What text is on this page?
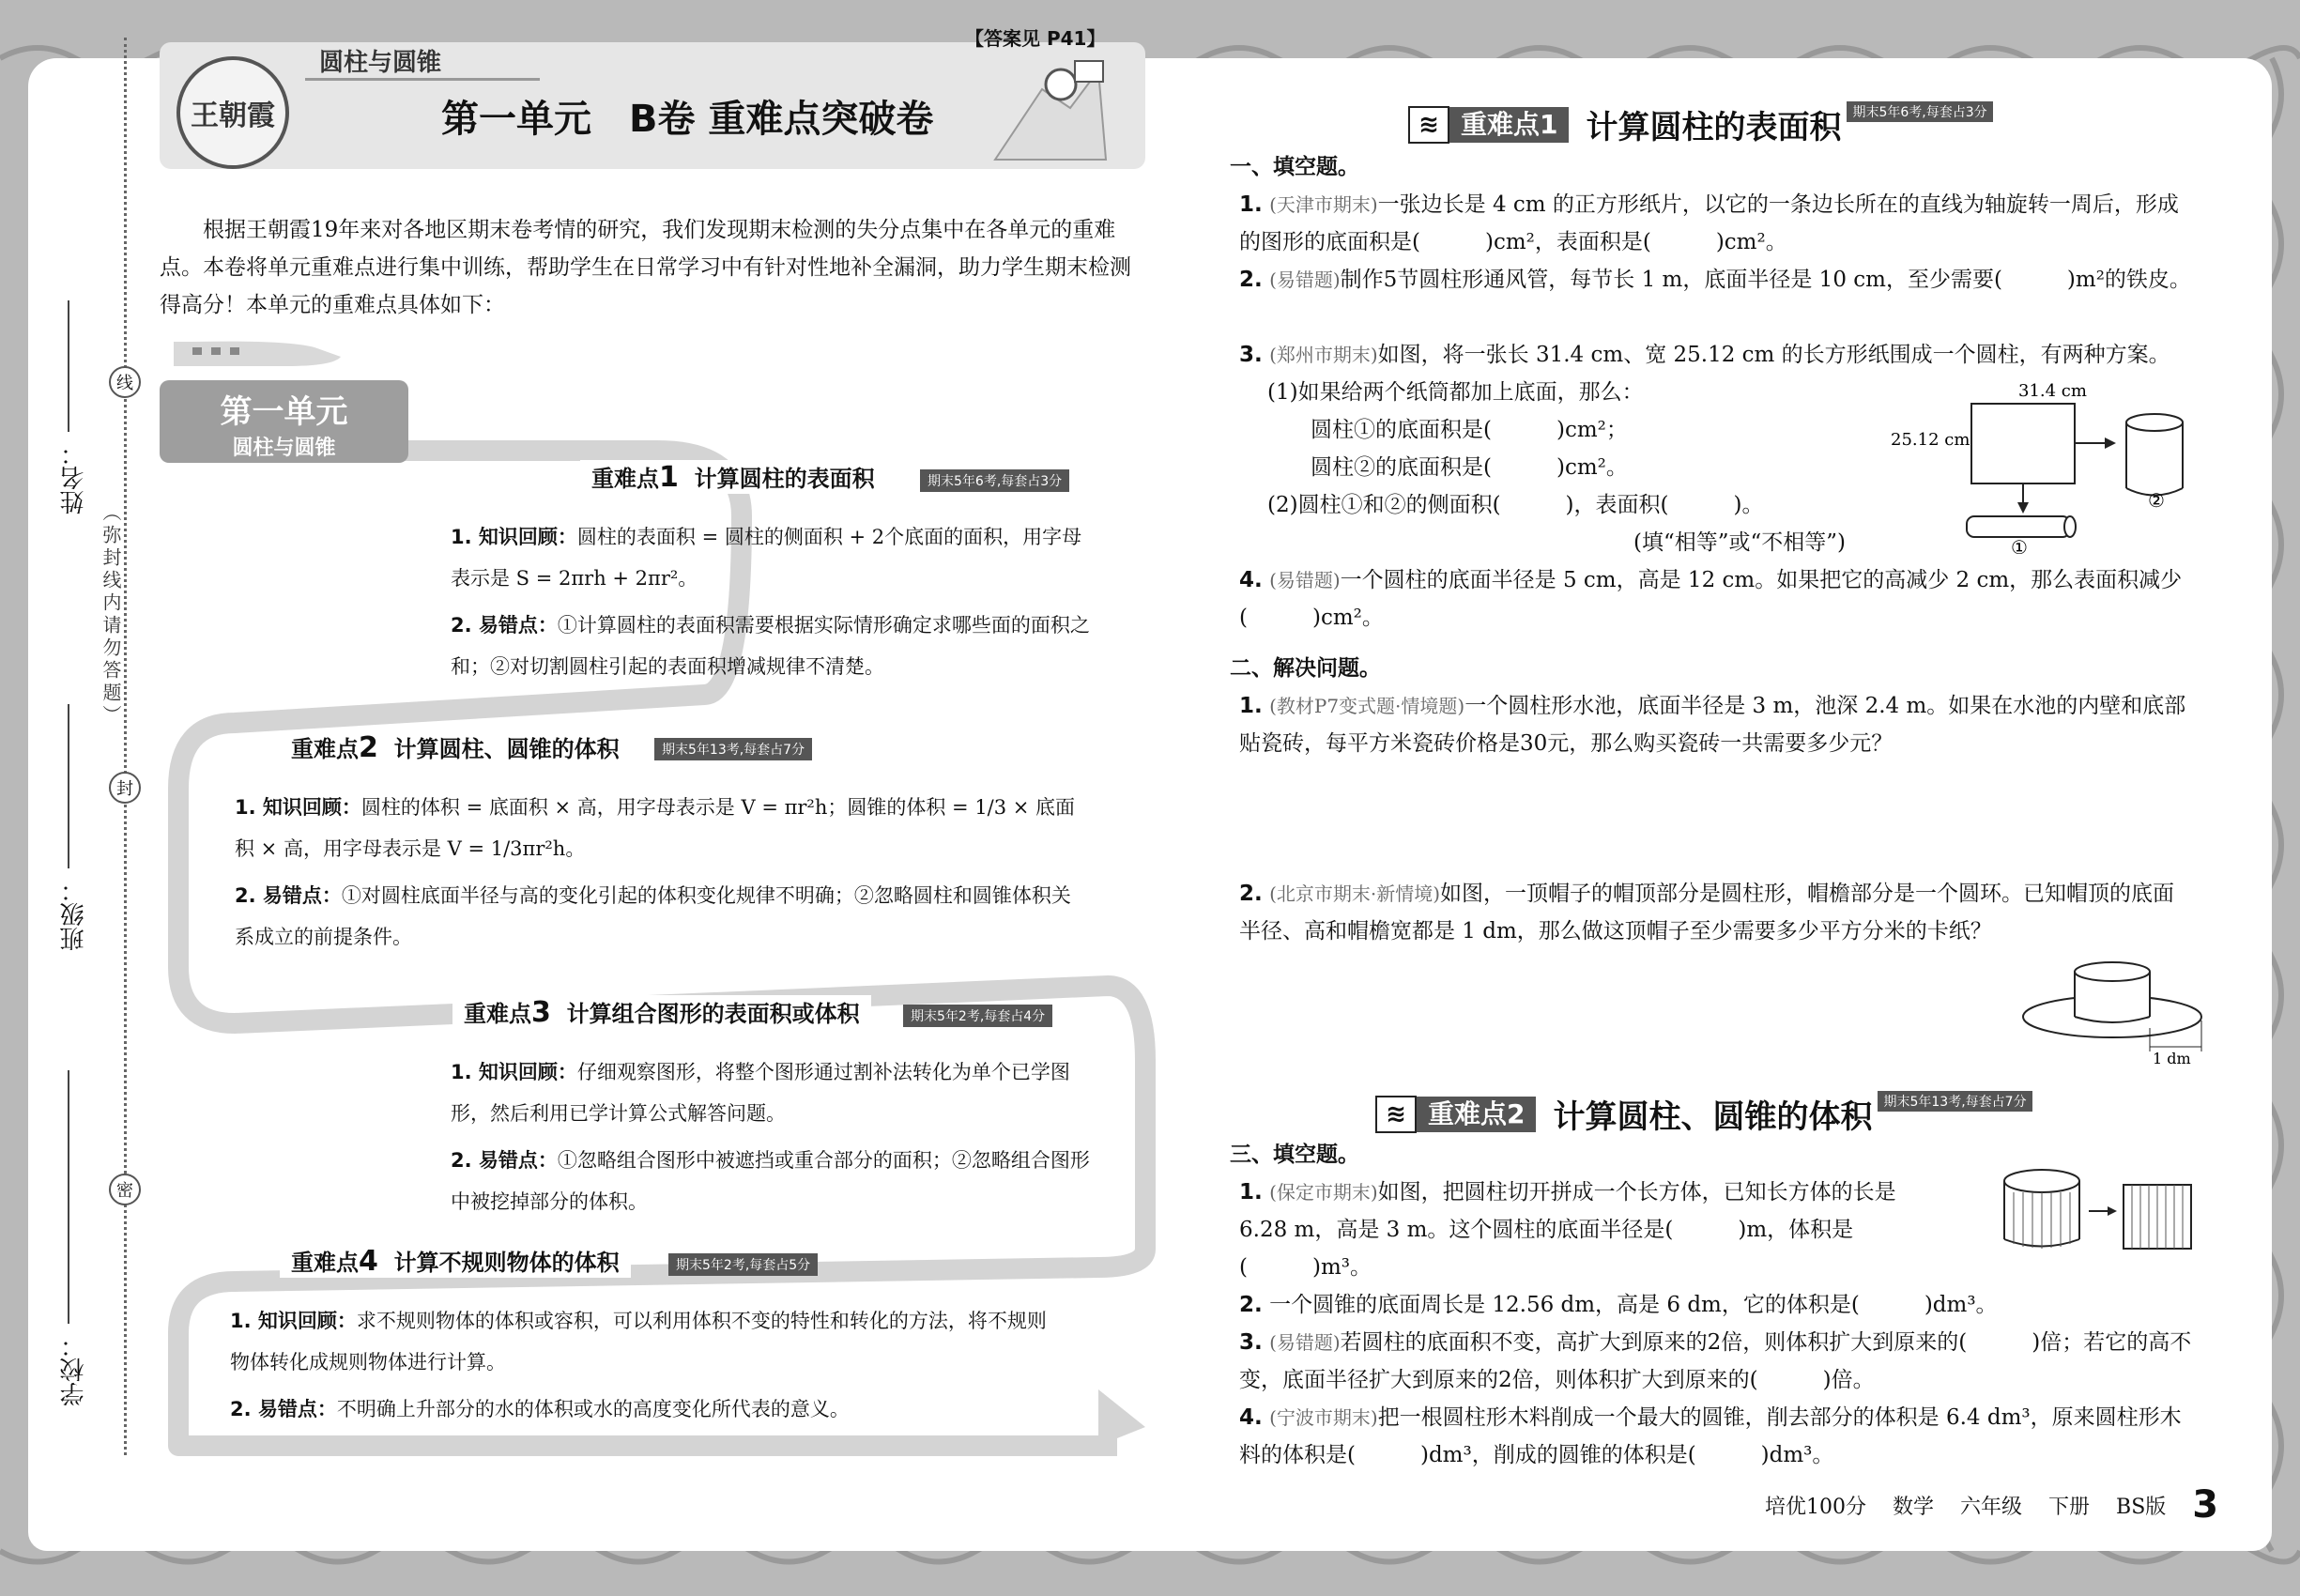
线
封
密
姓名：
（弥封线内请勿答题）
班级：
学校：
王朝霞
圆柱与圆锥
【答案见 P41】
第一单元　B卷 重难点突破卷
根据王朝霞19年来对各地区期末卷考情的研究，我们发现期末检测的失分点集中在各单元的重难点。本卷将单元重难点进行集中训练，帮助学生在日常学习中有针对性地补全漏洞，助力学生期末检测得高分！本单元的重难点具体如下：
第一单元
圆柱与圆锥
重难点1 计算圆柱的表面积	期末5年6考,每套占3分
1. 知识回顾：圆柱的表面积 = 圆柱的侧面积 + 2个底面的面积，用字母表示是 S = 2πrh + 2πr²。
2. 易错点：①计算圆柱的表面积需要根据实际情形确定求哪些面的面积之和；②对切割圆柱引起的表面积增减规律不清楚。
重难点2 计算圆柱、圆锥的体积	期末5年13考,每套占7分
1. 知识回顾：圆柱的体积 = 底面积 × 高，用字母表示是 V = πr²h；圆锥的体积 = 1/3 × 底面积 × 高，用字母表示是 V = 1/3πr²h。
2. 易错点：①对圆柱底面半径与高的变化引起的体积变化规律不明确；②忽略圆柱和圆锥体积关系成立的前提条件。
重难点3 计算组合图形的表面积或体积	期末5年2考,每套占4分
1. 知识回顾：仔细观察图形，将整个图形通过割补法转化为单个已学图形，然后利用已学计算公式解答问题。
2. 易错点：①忽略组合图形中被遮挡或重合部分的面积；②忽略组合图形中被挖掉部分的体积。
重难点4 计算不规则物体的体积	期末5年2考,每套占5分
1. 知识回顾：求不规则物体的体积或容积，可以利用体积不变的特性和转化的方法，将不规则物体转化成规则物体进行计算。
2. 易错点：不明确上升部分的水的体积或水的高度变化所代表的意义。
≋ 重难点1 计算圆柱的表面积 期末5年6考,每套占3分
一、填空题。
1. (天津市期末)一张边长是 4 cm 的正方形纸片，以它的一条边长所在的直线为轴旋转一周后，形成的图形的底面积是(　　　)cm²，表面积是(　　　)cm²。
2. (易错题)制作5节圆柱形通风管，每节长 1 m，底面半径是 10 cm，至少需要(　　　)m²的铁皮。
3. (郑州市期末)如图，将一张长 31.4 cm、宽 25.12 cm 的长方形纸围成一个圆柱，有两种方案。
(1)如果给两个纸筒都加上底面，那么：
圆柱①的底面积是(　　　)cm²；
圆柱②的底面积是(　　　)cm²。
(2)圆柱①和②的侧面积(　　　)，表面积(　　　)。
(填“相等”或“不相等”)
31.4 cm
25.12 cm
①
②
4. (易错题)一个圆柱的底面半径是 5 cm，高是 12 cm。如果把它的高减少 2 cm，那么表面积减少(　　　)cm²。
二、解决问题。
1. (教材P7变式题·情境题)一个圆柱形水池，底面半径是 3 m，池深 2.4 m。如果在水池的内壁和底部贴瓷砖，每平方米瓷砖价格是30元，那么购买瓷砖一共需要多少元？
2. (北京市期末·新情境)如图，一顶帽子的帽顶部分是圆柱形，帽檐部分是一个圆环。已知帽顶的底面半径、高和帽檐宽都是 1 dm，那么做这顶帽子至少需要多少平方分米的卡纸？
1 dm
≋ 重难点2 计算圆柱、圆锥的体积 期末5年13考,每套占7分
三、填空题。
1. (保定市期末)如图，把圆柱切开拼成一个长方体，已知长方体的长是 6.28 m，高是 3 m。这个圆柱的底面半径是(　　　)m，体积是(　　　)m³。
2. 一个圆锥的底面周长是 12.56 dm，高是 6 dm，它的体积是(　　　)dm³。
3. (易错题)若圆柱的底面积不变，高扩大到原来的2倍，则体积扩大到原来的(　　　)倍；若它的高不变，底面半径扩大到原来的2倍，则体积扩大到原来的(　　　)倍。
4. (宁波市期末)把一根圆柱形木料削成一个最大的圆锥，削去部分的体积是 6.4 dm³，原来圆柱形木料的体积是(　　　)dm³，削成的圆锥的体积是(　　　)dm³。
培优100分 数学 六年级 下册 BS版 3
